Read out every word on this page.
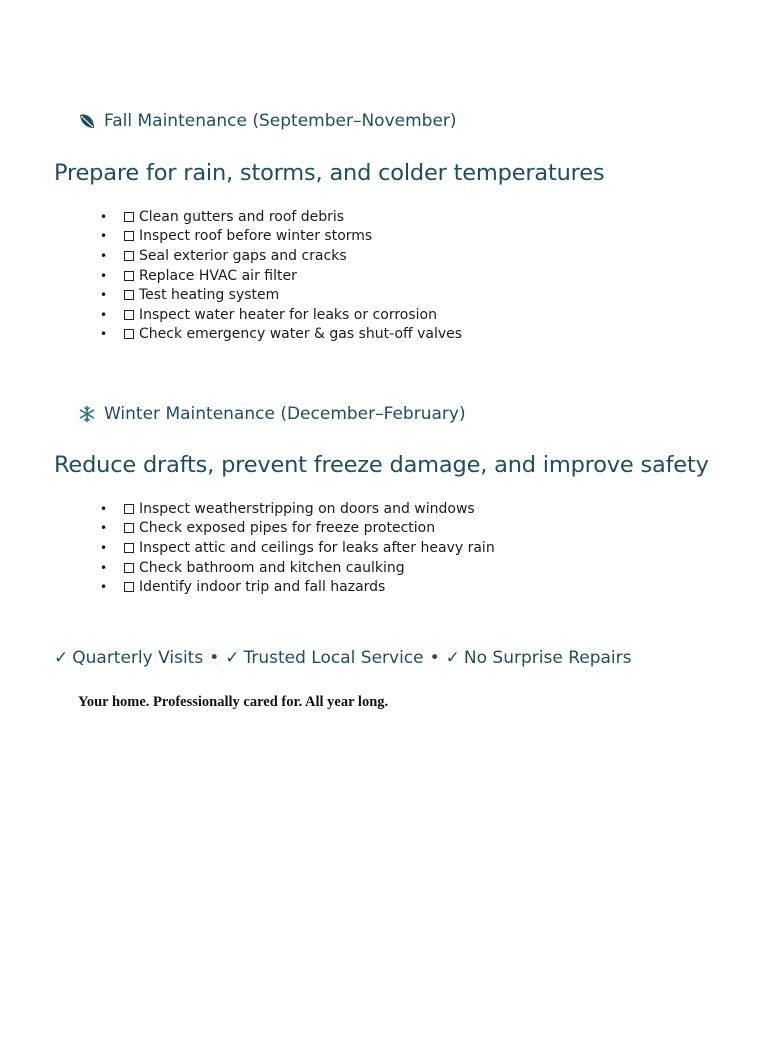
Fall Maintenance (September–November)
Prepare for rain, storms, and colder temperatures
•	Clean gutters and roof debris
•	Inspect roof before winter storms
•	Seal exterior gaps and cracks
•	Replace HVAC air filter
•	Test heating system
•	Inspect water heater for leaks or corrosion
•	Check emergency water & gas shut-off valves
Winter Maintenance (December–February)
Reduce drafts, prevent freeze damage, and improve safety
•	Inspect weatherstripping on doors and windows
•	Check exposed pipes for freeze protection
•	Inspect attic and ceilings for leaks after heavy rain
•	Check bathroom and kitchen caulking
•	Identify indoor trip and fall hazards
✓ Quarterly Visits • ✓ Trusted Local Service • ✓ No Surprise Repairs
Your home. Professionally cared for. All year long.
